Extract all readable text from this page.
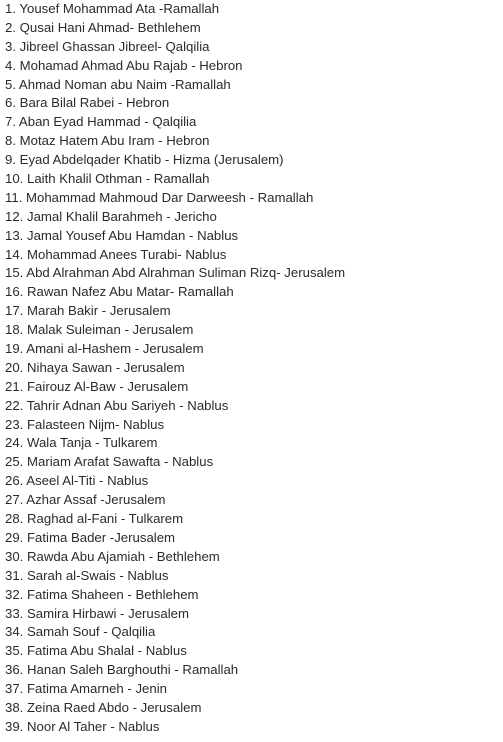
1. Yousef Mohammad Ata -Ramallah
2. Qusai Hani Ahmad- Bethlehem
3. Jibreel Ghassan Jibreel- Qalqilia
4. Mohamad Ahmad Abu Rajab - Hebron
5. Ahmad Noman abu Naim -Ramallah
6. Bara Bilal Rabei - Hebron
7. Aban Eyad Hammad - Qalqilia
8. Motaz Hatem Abu Iram - Hebron
9. Eyad Abdelqader Khatib - Hizma (Jerusalem)
10. Laith Khalil Othman - Ramallah
11. Mohammad Mahmoud Dar Darweesh - Ramallah
12. Jamal Khalil Barahmeh - Jericho
13. Jamal Yousef Abu Hamdan - Nablus
14. Mohammad Anees Turabi- Nablus
15. Abd Alrahman Abd Alrahman Suliman Rizq- Jerusalem
16. Rawan Nafez Abu Matar- Ramallah
17. Marah Bakir - Jerusalem
18. Malak Suleiman - Jerusalem
19. Amani al-Hashem - Jerusalem
20. Nihaya Sawan - Jerusalem
21. Fairouz Al-Baw - Jerusalem
22. Tahrir Adnan Abu Sariyeh - Nablus
23. Falasteen Nijm- Nablus
24. Wala Tanja - Tulkarem
25. Mariam Arafat Sawafta - Nablus
26. Aseel Al-Titi - Nablus
27. Azhar Assaf -Jerusalem
28. Raghad al-Fani - Tulkarem
29. Fatima Bader -Jerusalem
30. Rawda Abu Ajamiah - Bethlehem
31. Sarah al-Swais - Nablus
32. Fatima Shaheen - Bethlehem
33. Samira Hirbawi - Jerusalem
34. Samah Souf - Qalqilia
35. Fatima Abu Shalal - Nablus
36. Hanan Saleh Barghouthi - Ramallah
37. Fatima Amarneh - Jenin
38. Zeina Raed Abdo - Jerusalem
39. Noor Al Taher - Nablus
